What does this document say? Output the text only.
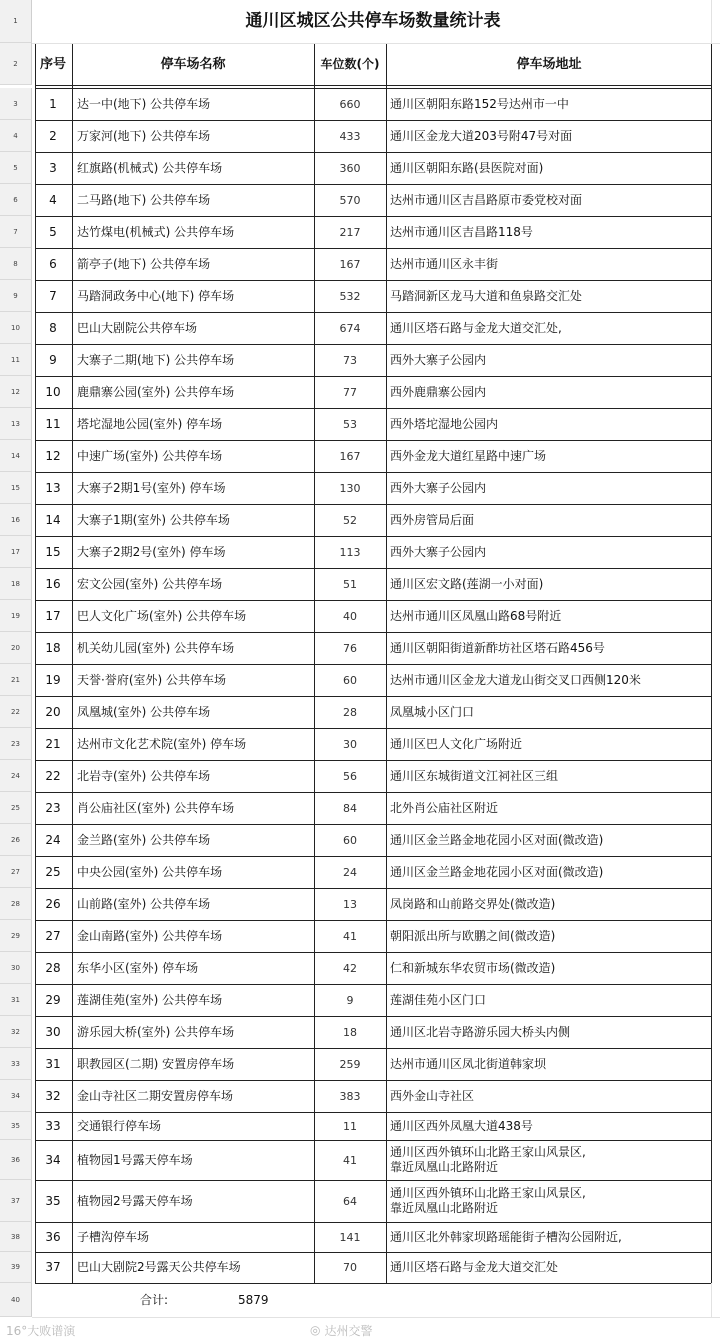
1	通川区城区公共停车场数量统计表
2	序号	停车场名称	车位数(个)	停车场地址
3	1	达一中(地下) 公共停车场	660	通川区朝阳东路152号达州市一中
4	2	万家河(地下) 公共停车场	433	通川区金龙大道203号附47号对面
5	3	红旗路(机械式) 公共停车场	360	通川区朝阳东路(县医院对面)
6	4	二马路(地下) 公共停车场	570	达州市通川区吉昌路原市委党校对面
7	5	达竹煤电(机械式) 公共停车场	217	达州市通川区吉昌路118号
8	6	箭亭子(地下) 公共停车场	167	达州市通川区永丰街
9	7	马踏洞政务中心(地下) 停车场	532	马踏洞新区龙马大道和鱼泉路交汇处
10	8	巴山大剧院公共停车场	674	通川区塔石路与金龙大道交汇处,
11	9	大寨子二期(地下) 公共停车场	73	西外大寨子公园内
12	10	鹿鼎寨公园(室外) 公共停车场	77	西外鹿鼎寨公园内
13	11	塔坨湿地公园(室外) 停车场	53	西外塔坨湿地公园内
14	12	中速广场(室外) 公共停车场	167	西外金龙大道红星路中速广场
15	13	大寨子2期1号(室外) 停车场	130	西外大寨子公园内
16	14	大寨子1期(室外) 公共停车场	52	西外房管局后面
17	15	大寨子2期2号(室外) 停车场	113	西外大寨子公园内
18	16	宏文公园(室外) 公共停车场	51	通川区宏文路(莲湖一小对面)
19	17	巴人文化广场(室外) 公共停车场	40	达州市通川区凤凰山路68号附近
20	18	机关幼儿园(室外) 公共停车场	76	通川区朝阳街道新酢坊社区塔石路456号
21	19	天誉·誉府(室外) 公共停车场	60	达州市通川区金龙大道龙山街交叉口西侧120米
22	20	凤凰城(室外) 公共停车场	28	凤凰城小区门口
23	21	达州市文化艺术院(室外) 停车场	30	通川区巴人文化广场附近
24	22	北岩寺(室外) 公共停车场	56	通川区东城街道文江祠社区三组
25	23	肖公庙社区(室外) 公共停车场	84	北外肖公庙社区附近
26	24	金兰路(室外) 公共停车场	60	通川区金兰路金地花园小区对面(微改造)
27	25	中央公园(室外) 公共停车场	24	通川区金兰路金地花园小区对面(微改造)
28	26	山前路(室外) 公共停车场	13	凤岗路和山前路交界处(微改造)
29	27	金山南路(室外) 公共停车场	41	朝阳派出所与欧鹏之间(微改造)
30	28	东华小区(室外) 停车场	42	仁和新城东华农贸市场(微改造)
31	29	莲湖佳苑(室外) 公共停车场	9	莲湖佳苑小区门口
32	30	游乐园大桥(室外) 公共停车场	18	通川区北岩寺路游乐园大桥头内侧
33	31	职教园区(二期) 安置房停车场	259	达州市通川区凤北街道韩家坝
34	32	金山寺社区二期安置房停车场	383	西外金山寺社区
35	33	交通银行停车场	11	通川区西外凤凰大道438号
36	34	植物园1号露天停车场	41
通川区西外镇环山北路王家山风景区,
靠近凤凰山北路附近
37	35	植物园2号露天停车场	64
通川区西外镇环山北路王家山风景区,
靠近凤凰山北路附近
38	36	子槽沟停车场	141	通川区北外韩家坝路瑶能街子槽沟公园附近,
39	37	巴山大剧院2号露天公共停车场	70	通川区塔石路与金龙大道交汇处
40	合计:	5879
16°大败谱演	◎ 达州交警
